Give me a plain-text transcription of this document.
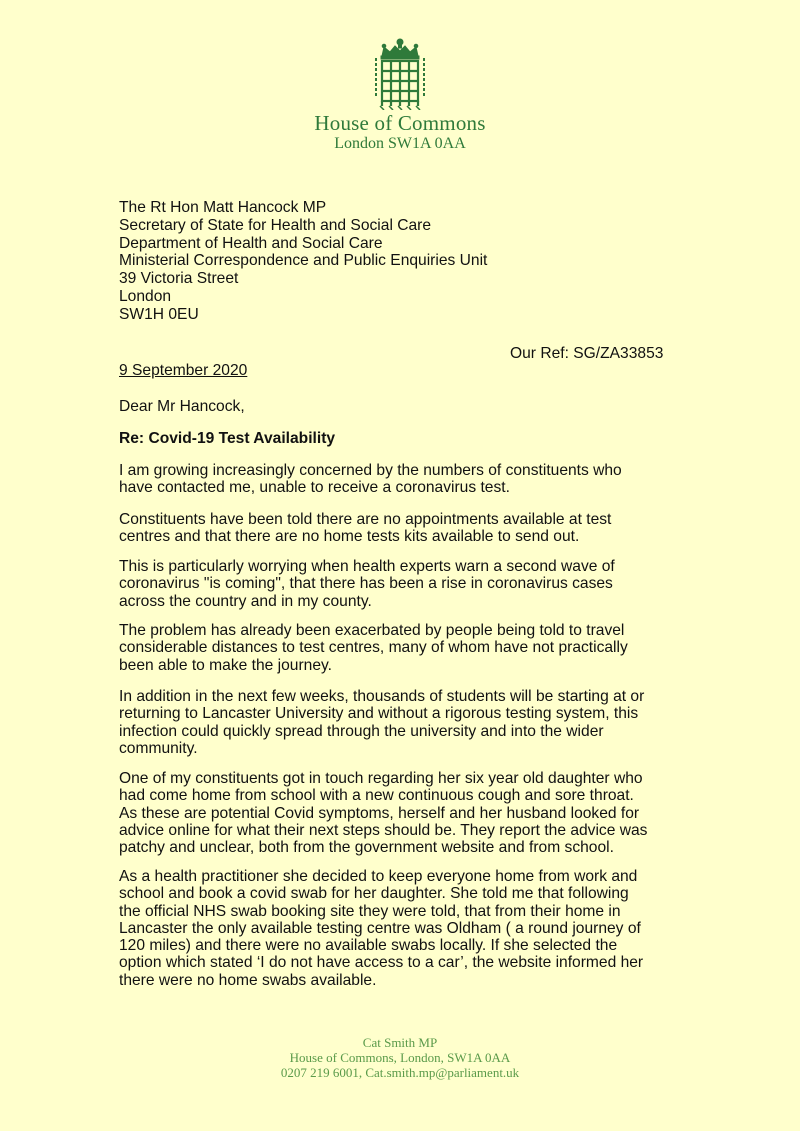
House of Commons
London SW1A 0AA
The Rt Hon Matt Hancock MP
Secretary of State for Health and Social Care
Department of Health and Social Care
Ministerial Correspondence and Public Enquiries Unit
39 Victoria Street
London
SW1H 0EU
Our Ref: SG/ZA33853
9 September 2020
Dear Mr Hancock,
Re: Covid-19 Test Availability

I am growing increasingly concerned by the numbers of constituents who
have contacted me, unable to receive a coronavirus test.

Constituents have been told there are no appointments available at test
centres and that there are no home tests kits available to send out.

This is particularly worrying when health experts warn a second wave of
coronavirus "is coming", that there has been a rise in coronavirus cases
across the country and in my county.

The problem has already been exacerbated by people being told to travel
considerable distances to test centres, many of whom have not practically
been able to make the journey.

In addition in the next few weeks, thousands of students will be starting at or
returning to Lancaster University and without a rigorous testing system, this
infection could quickly spread through the university and into the wider
community.

One of my constituents got in touch regarding her six year old daughter who
had come home from school with a new continuous cough and sore throat.
As these are potential Covid symptoms, herself and her husband looked for
advice online for what their next steps should be. They report the advice was
patchy and unclear, both from the government website and from school.

As a health practitioner she decided to keep everyone home from work and
school and book a covid swab for her daughter. She told me that following
the official NHS swab booking site they were told, that from their home in
Lancaster the only available testing centre was Oldham ( a round journey of
120 miles) and there were no available swabs locally. If she selected the
option which stated ‘I do not have access to a car’, the website informed her
there were no home swabs available.

Cat Smith MP
House of Commons, London, SW1A 0AA
0207 219 6001, Cat.smith.mp@parliament.uk
